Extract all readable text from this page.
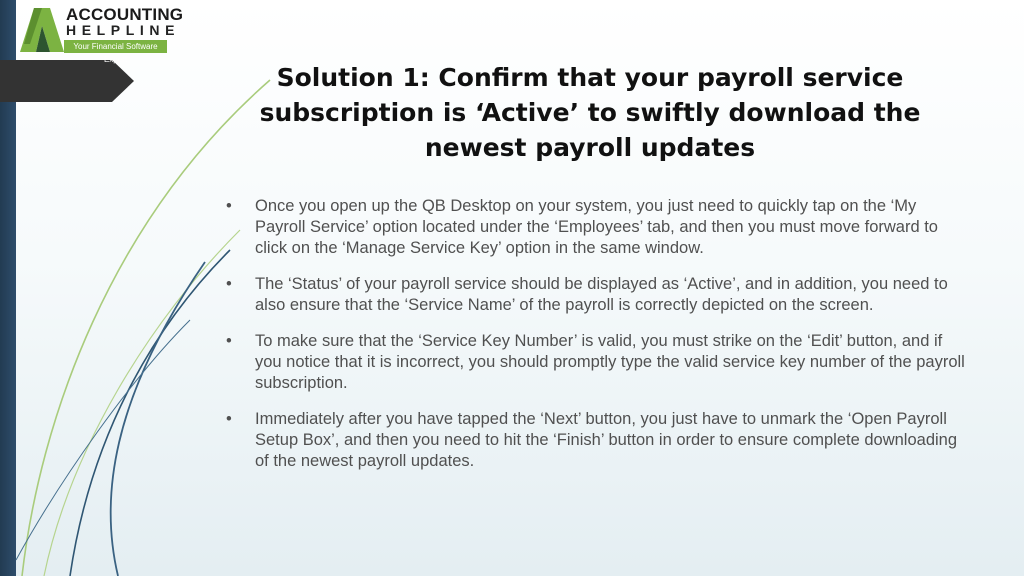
ACCOUNTING
HELPLINE
Your Financial Software Expert
Solution 1: Confirm that your payroll service subscription is ‘Active’ to swiftly download the newest payroll updates
• Once you open up the QB Desktop on your system, you just need to quickly tap on the ‘My Payroll Service’ option located under the ‘Employees’ tab, and then you must move forward to click on the ‘Manage Service Key’ option in the same window.
• The ‘Status’ of your payroll service should be displayed as ‘Active’, and in addition, you need to also ensure that the ‘Service Name’ of the payroll is correctly depicted on the screen.
• To make sure that the ‘Service Key Number’ is valid, you must strike on the ‘Edit’ button, and if you notice that it is incorrect, you should promptly type the valid service key number of the payroll subscription.
• Immediately after you have tapped the ‘Next’ button, you just have to unmark the ‘Open Payroll Setup Box’, and then you need to hit the ‘Finish’ button in order to ensure complete downloading of the newest payroll updates.
